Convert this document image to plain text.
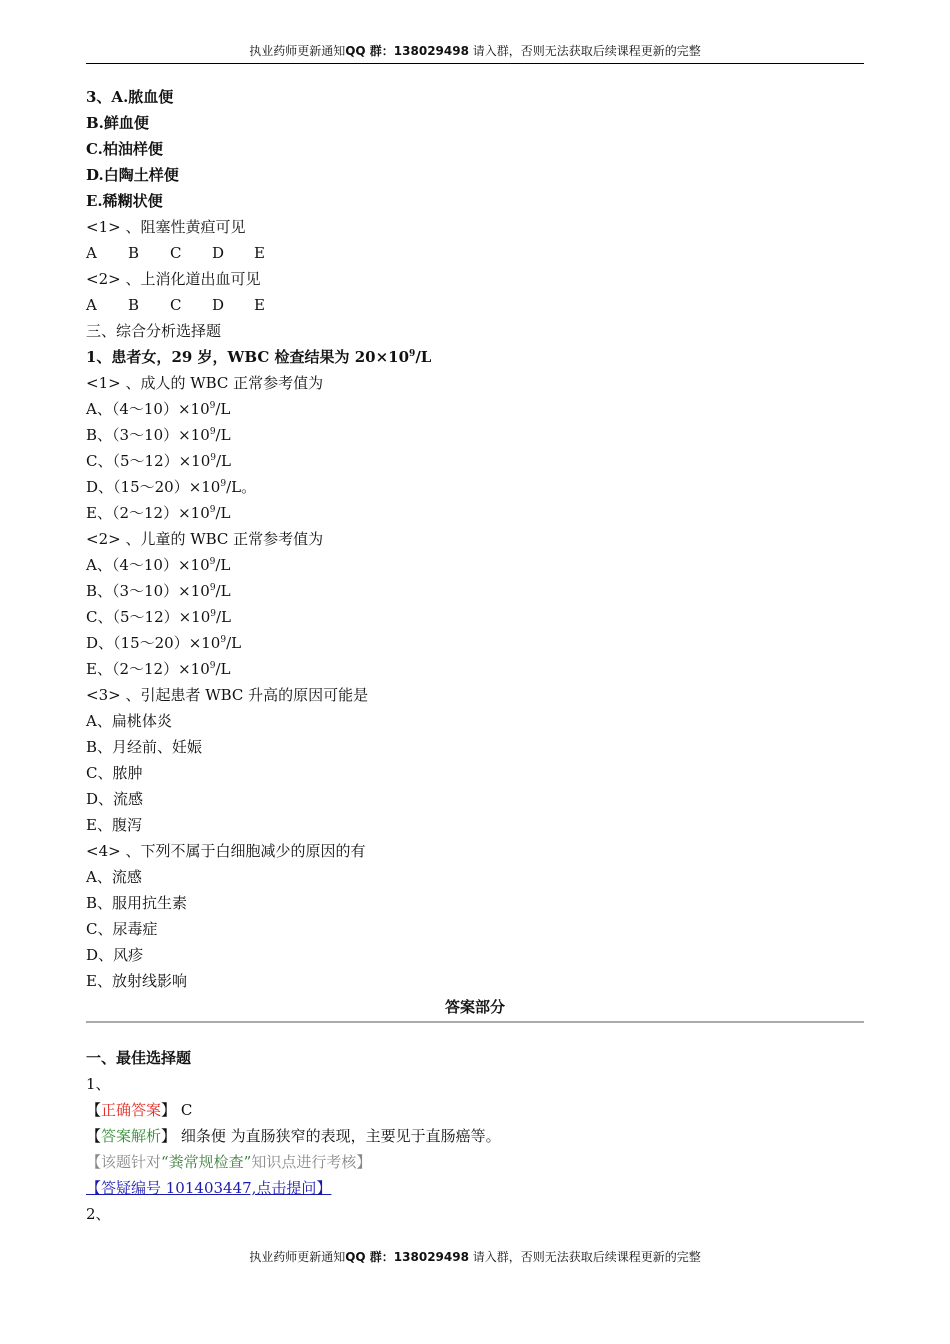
执业药师更新通知QQ 群：138029498 请入群，否则无法获取后续课程更新的完整
3、A.脓血便
B.鲜血便
C.柏油样便
D.白陶土样便
E.稀糊状便
<1> 、阻塞性黄疸可见
A B C D E
<2> 、上消化道出血可见
A B C D E
三、综合分析选择题
1、患者女，29 岁，WBC 检查结果为 $20\times 10^9/L$
<1> 、成人的 WBC 正常参考值为
A、$(4\sim 10)\times 10^9/L$
B、$(3\sim 10)\times 10^9/L$
C、$(5\sim 12)\times 10^9/L$
D、$(15\sim 20)\times 10^9/L$。
E、$(2\sim 12)\times 10^9/L$
<2> 、儿童的 WBC 正常参考值为
A、$(4\sim 10)\times 10^9/L$
B、$(3\sim 10)\times 10^9/L$
C、$(5\sim 12)\times 10^9/L$
D、$(15\sim 20)\times 10^9/L$
E、$(2\sim 12)\times 10^9/L$
<3> 、引起患者 WBC 升高的原因可能是
A、扁桃体炎
B、月经前、妊娠
C、脓肿
D、流感
E、腹泻
<4> 、下列不属于白细胞减少的原因的有
A、流感
B、服用抗生素
C、尿毒症
D、风疹
E、放射线影响
答案部分
一、最佳选择题
1、
【正确答案】 C
【答案解析】 细条便 为直肠狭窄的表现，主要见于直肠癌等。
【该题针对“粪常规检查”知识点进行考核】
【答疑编号 101403447,点击提问】
2、
执业药师更新通知QQ 群：138029498 请入群，否则无法获取后续课程更新的完整
